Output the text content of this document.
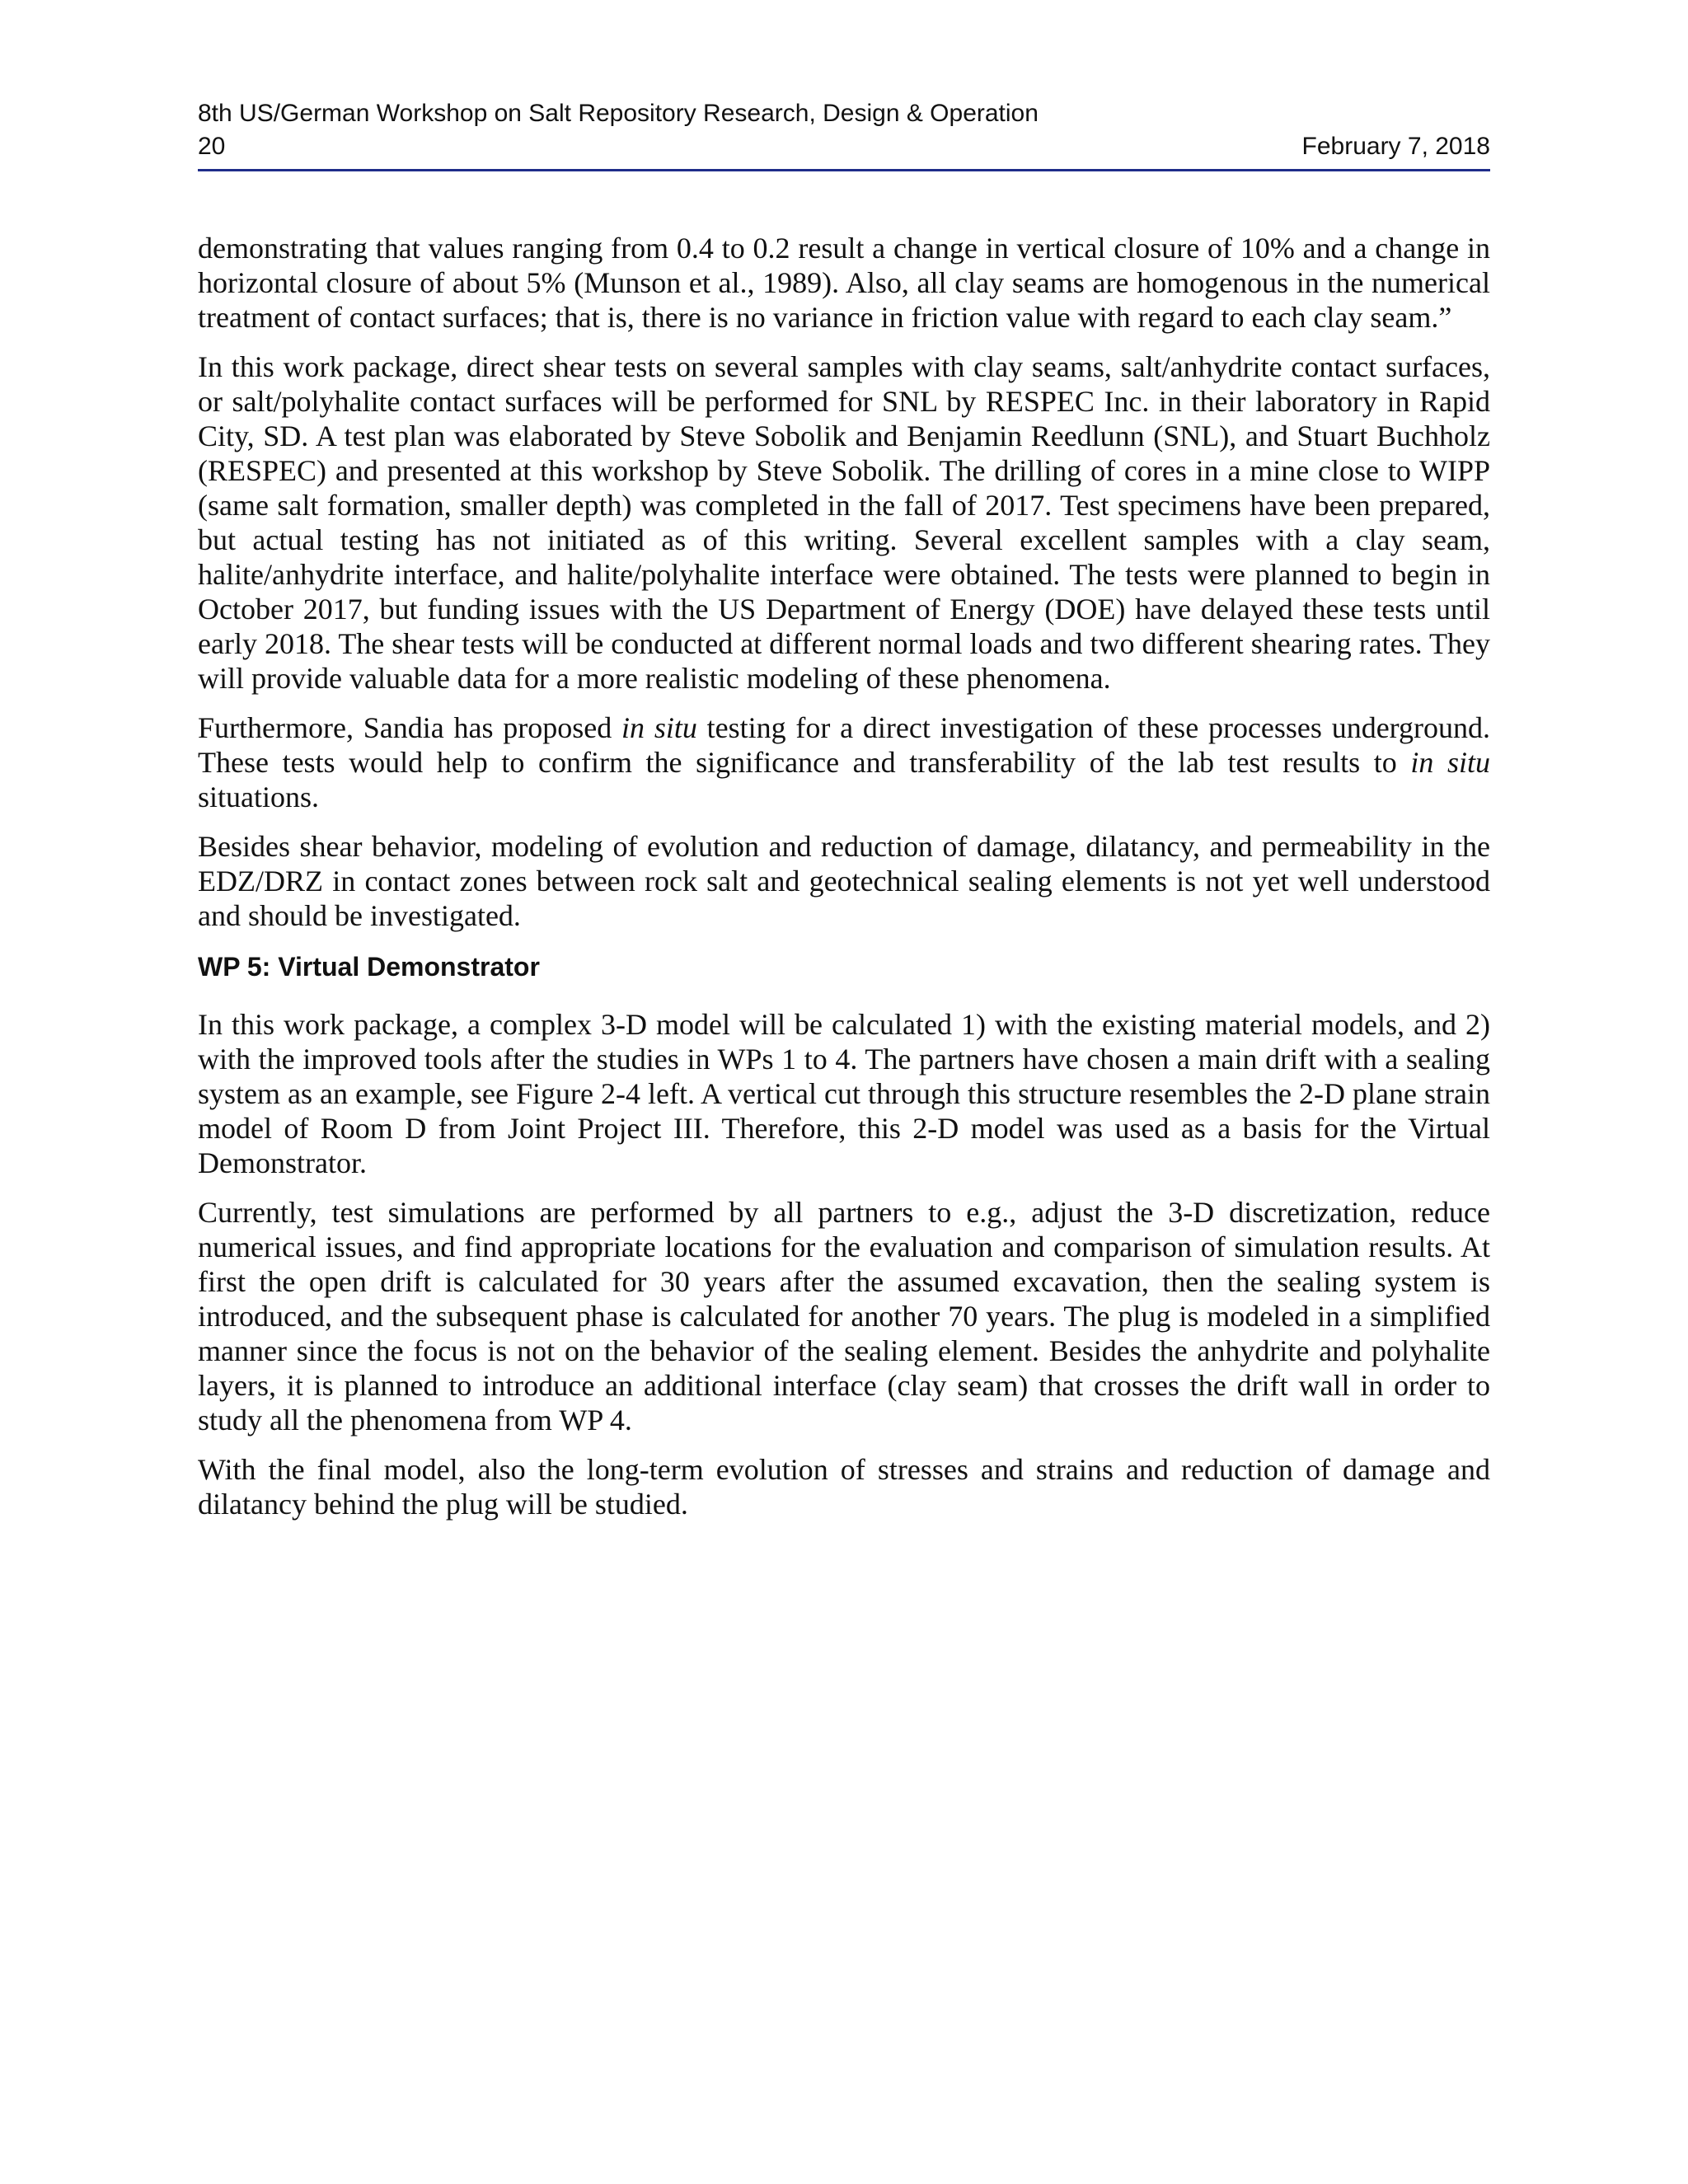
8th US/German Workshop on Salt Repository Research, Design & Operation
20	February 7, 2018

demonstrating that values ranging from 0.4 to 0.2 result a change in vertical closure of 10% and a change in horizontal closure of about 5% (Munson et al., 1989). Also, all clay seams are homogenous in the numerical treatment of contact surfaces; that is, there is no variance in friction value with regard to each clay seam.”

In this work package, direct shear tests on several samples with clay seams, salt/anhydrite contact surfaces, or salt/polyhalite contact surfaces will be performed for SNL by RESPEC Inc. in their laboratory in Rapid City, SD. A test plan was elaborated by Steve Sobolik and Benjamin Reedlunn (SNL), and Stuart Buchholz (RESPEC) and presented at this workshop by Steve Sobolik. The drilling of cores in a mine close to WIPP (same salt formation, smaller depth) was completed in the fall of 2017. Test specimens have been prepared, but actual testing has not initiated as of this writing. Several excellent samples with a clay seam, halite/anhydrite interface, and halite/polyhalite interface were obtained. The tests were planned to begin in October 2017, but funding issues with the US Department of Energy (DOE) have delayed these tests until early 2018. The shear tests will be conducted at different normal loads and two different shearing rates. They will provide valuable data for a more realistic modeling of these phenomena.

Furthermore, Sandia has proposed in situ testing for a direct investigation of these processes underground. These tests would help to confirm the significance and transferability of the lab test results to in situ situations.

Besides shear behavior, modeling of evolution and reduction of damage, dilatancy, and permeability in the EDZ/DRZ in contact zones between rock salt and geotechnical sealing elements is not yet well understood and should be investigated.

WP 5: Virtual Demonstrator

In this work package, a complex 3-D model will be calculated 1) with the existing material models, and 2) with the improved tools after the studies in WPs 1 to 4. The partners have chosen a main drift with a sealing system as an example, see Figure 2-4 left. A vertical cut through this structure resembles the 2-D plane strain model of Room D from Joint Project III. Therefore, this 2-D model was used as a basis for the Virtual Demonstrator.

Currently, test simulations are performed by all partners to e.g., adjust the 3-D discretization, reduce numerical issues, and find appropriate locations for the evaluation and comparison of simulation results. At first the open drift is calculated for 30 years after the assumed excavation, then the sealing system is introduced, and the subsequent phase is calculated for another 70 years. The plug is modeled in a simplified manner since the focus is not on the behavior of the sealing element. Besides the anhydrite and polyhalite layers, it is planned to introduce an additional interface (clay seam) that crosses the drift wall in order to study all the phenomena from WP 4.

With the final model, also the long-term evolution of stresses and strains and reduction of damage and dilatancy behind the plug will be studied.
